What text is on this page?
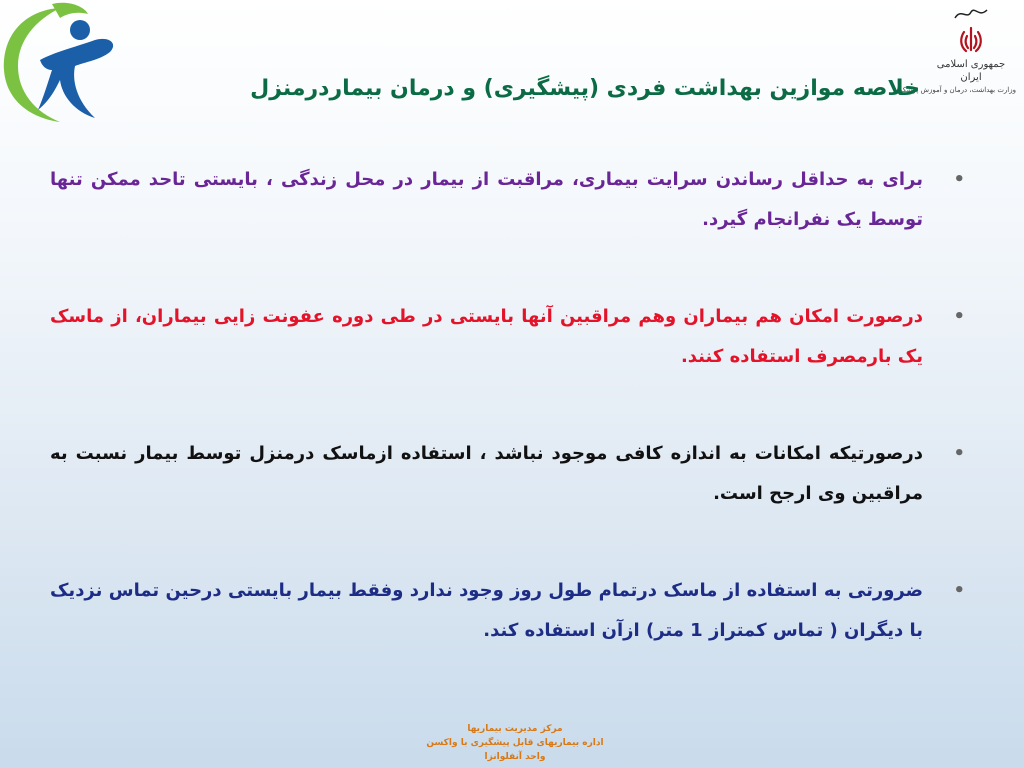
جمهوری اسلامی ایران
وزارت بهداشت، درمان و آموزش پزشکی
خلاصه موازین بهداشت فردی (پیشگیری) و درمان بیماردرمنزل
•
برای به حداقل رساندن سرایت بیماری، مراقبت از بیمار در محل زندگی ، بایستی تاحد ممکن تنها توسط یک نفرانجام گیرد.
•
درصورت امکان هم بیماران وهم مراقبین آنها بایستی در طی دوره عفونت زایی بیماران، از ماسک یک بارمصرف استفاده کنند.
•
درصورتیکه امکانات به اندازه کافی موجود نباشد ، استفاده ازماسک درمنزل توسط بیمار نسبت به مراقبین وی ارجح است.
•
ضرورتی به استفاده از ماسک درتمام طول روز وجود ندارد وفقط بیمار بایستی درحین تماس نزدیک با دیگران ( تماس کمتراز 1 متر) ازآن استفاده کند.
مرکز مدیریت بیماریها
اداره بیماریهای قابل پیشگیری با واکسن
واحد آنفلوانزا
